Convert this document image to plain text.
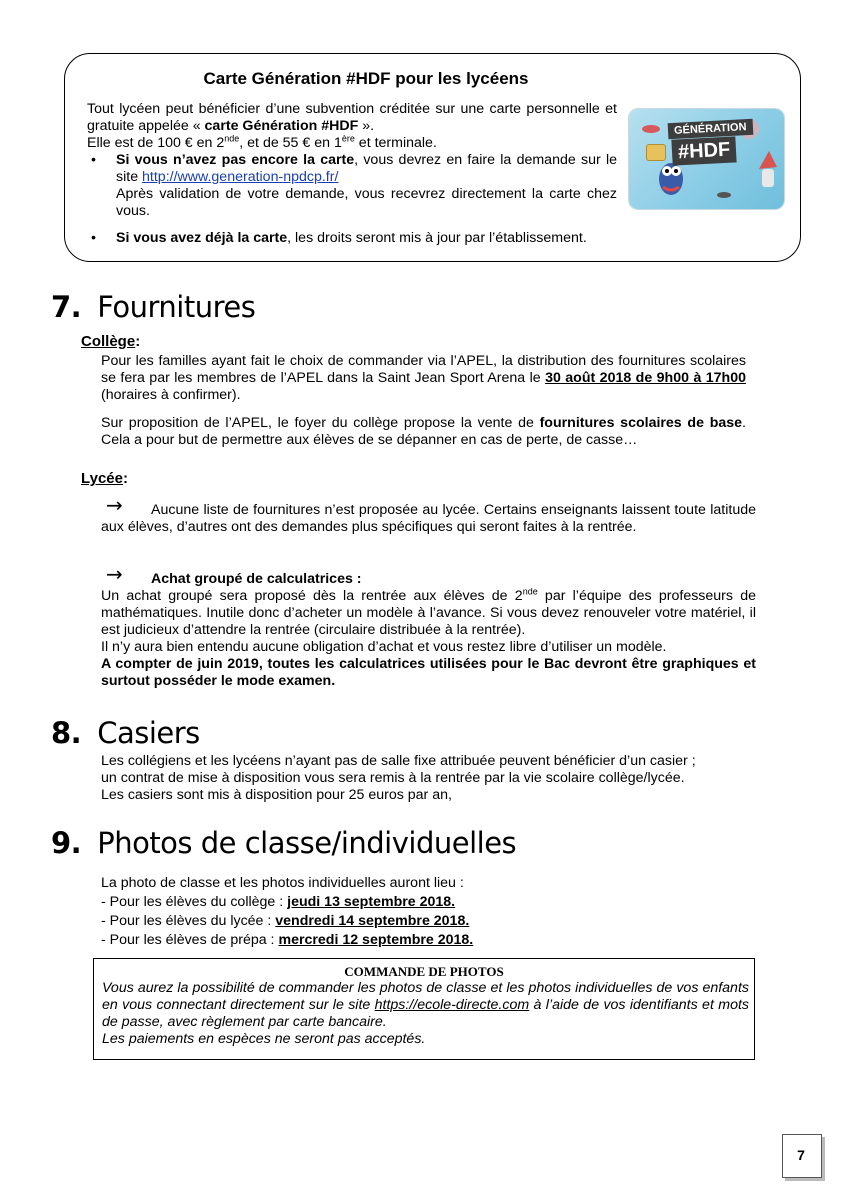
Carte Génération #HDF pour les lycéens

Tout lycéen peut bénéficier d’une subvention créditée sur une carte personnelle et gratuite appelée « carte Génération #HDF ».

Elle est de 100 € en 2nde, et de 55 € en 1ère et terminale.

• Si vous n’avez pas encore la carte, vous devrez en faire la demande sur le site http://www.generation-npdcp.fr/
Après validation de votre demande, vous recevrez directement la carte chez vous.

• Si vous avez déjà la carte, les droits seront mis à jour par l’établissement.
GÉNÉRATION
#HDF
7. Fournitures
Collège:
Pour les familles ayant fait le choix de commander via l’APEL, la distribution des fournitures scolaires se fera par les membres de l’APEL dans la Saint Jean Sport Arena le 30 août 2018 de 9h00 à 17h00 (horaires à confirmer).
Sur proposition de l’APEL, le foyer du collège propose la vente de fournitures scolaires de base. Cela a pour but de permettre aux élèves de se dépanner en cas de perte, de casse…
Lycée:
→	Aucune liste de fournitures n’est proposée au lycée. Certains enseignants laissent toute latitude aux élèves, d’autres ont des demandes plus spécifiques qui seront faites à la rentrée.
→ Achat groupé de calculatrices :

Un achat groupé sera proposé dès la rentrée aux élèves de 2nde par l’équipe des professeurs de mathématiques. Inutile donc d’acheter un modèle à l’avance. Si vous devez renouveler votre matériel, il est judicieux d’attendre la rentrée (circulaire distribuée à la rentrée).

Il n’y aura bien entendu aucune obligation d’achat et vous restez libre d’utiliser un modèle.

A compter de juin 2019, toutes les calculatrices utilisées pour le Bac devront être graphiques et surtout posséder le mode examen.

8. Casiers
Les collégiens et les lycéens n’ayant pas de salle fixe attribuée peuvent bénéficier d’un casier ;
un contrat de mise à disposition vous sera remis à la rentrée par la vie scolaire collège/lycée.
Les casiers sont mis à disposition pour 25 euros par an,
9. Photos de classe/individuelles
La photo de classe et les photos individuelles auront lieu :
- Pour les élèves du collège : jeudi 13 septembre 2018.
- Pour les élèves du lycée : vendredi 14 septembre 2018.
- Pour les élèves de prépa : mercredi 12 septembre 2018.
COMMANDE DE PHOTOS
Vous aurez la possibilité de commander les photos de classe et les photos individuelles de vos enfants en vous connectant directement sur le site https://ecole-directe.com à l’aide de vos identifiants et mots de passe, avec règlement par carte bancaire.
Les paiements en espèces ne seront pas acceptés.
7
